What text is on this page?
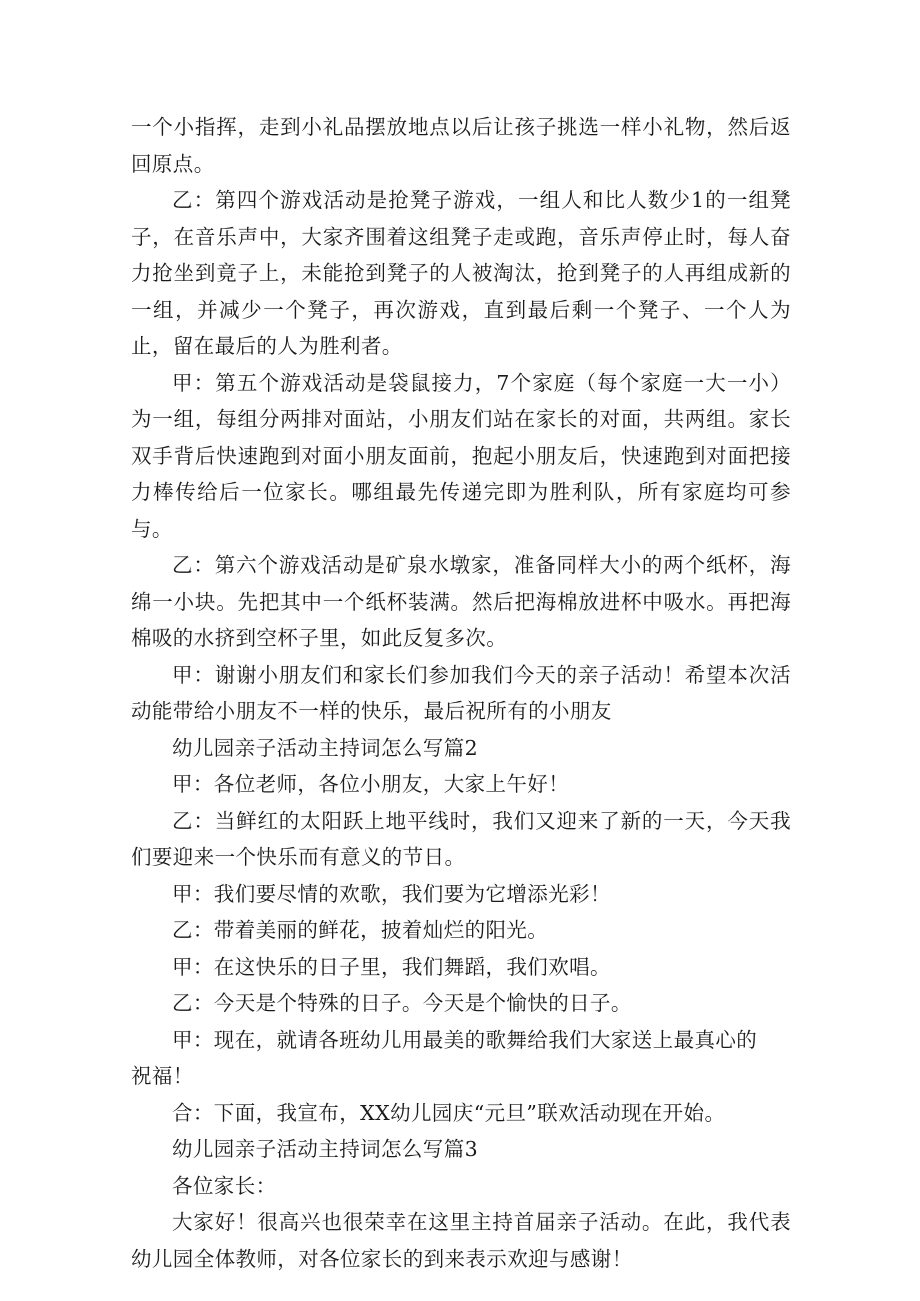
一个小指挥，走到小礼品摆放地点以后让孩子挑选一样小礼物，然后返回原点。

乙：第四个游戏活动是抢凳子游戏，一组人和比人数少1的一组凳子，在音乐声中，大家齐围着这组凳子走或跑，音乐声停止时，每人奋力抢坐到竟子上，未能抢到凳子的人被淘汰，抢到凳子的人再组成新的一组，并减少一个凳子，再次游戏，直到最后剩一个凳子、一个人为止，留在最后的人为胜利者。

甲：第五个游戏活动是袋鼠接力，7个家庭（每个家庭一大一小）为一组，每组分两排对面站，小朋友们站在家长的对面，共两组。家长双手背后快速跑到对面小朋友面前，抱起小朋友后，快速跑到对面把接力棒传给后一位家长。哪组最先传递完即为胜利队，所有家庭均可参与。

乙：第六个游戏活动是矿泉水墩家，准备同样大小的两个纸杯，海绵一小块。先把其中一个纸杯装满。然后把海棉放进杯中吸水。再把海棉吸的水挤到空杯子里，如此反复多次。

甲：谢谢小朋友们和家长们参加我们今天的亲子活动！希望本次活动能带给小朋友不一样的快乐，最后祝所有的小朋友

幼儿园亲子活动主持词怎么写篇2

甲：各位老师，各位小朋友，大家上午好！

乙：当鲜红的太阳跃上地平线时，我们又迎来了新的一天，今天我们要迎来一个快乐而有意义的节日。

甲：我们要尽情的欢歌，我们要为它增添光彩！

乙：带着美丽的鲜花，披着灿烂的阳光。

甲：在这快乐的日子里，我们舞蹈，我们欢唱。

乙：今天是个特殊的日子。今天是个愉快的日子。

甲：现在，就请各班幼儿用最美的歌舞给我们大家送上最真心的

祝福！

合：下面，我宣布，XX幼儿园庆“元旦”联欢活动现在开始。

幼儿园亲子活动主持词怎么写篇3

各位家长：

大家好！很高兴也很荣幸在这里主持首届亲子活动。在此，我代表幼儿园全体教师，对各位家长的到来表示欢迎与感谢！
